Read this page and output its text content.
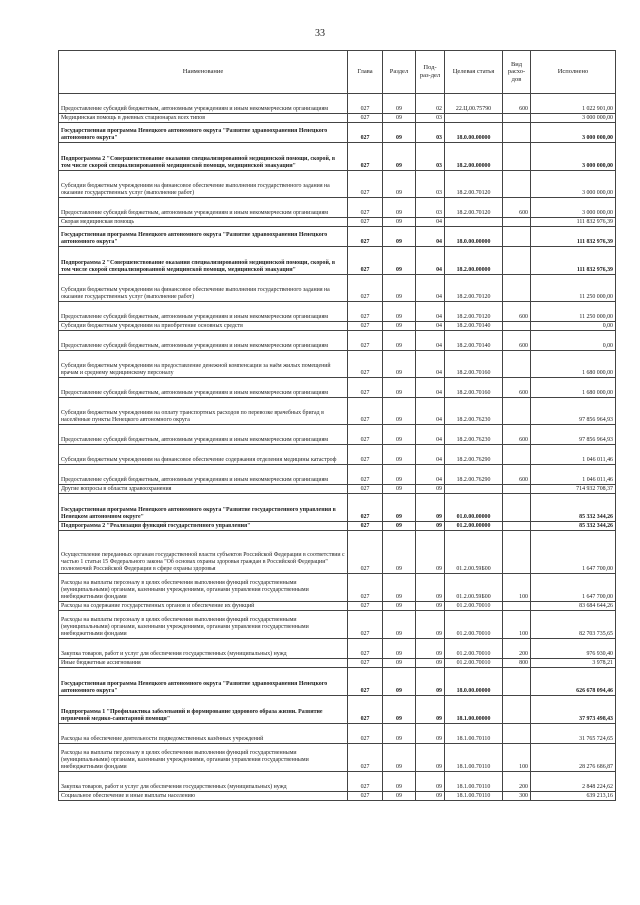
33
Наименование	Глава	Раздел	Под-раз-дел	Целевая статья	Вид расхо-дов	Исполнено
Предоставление субсидий бюджетным, автономным учреждениям и иным некоммерческим организациям	027	09	02	22.Ц.00.75790	600	1 022 901,00
Медицинская помощь в дневных стационарах всех типов	027	09	03			3 000 000,00
Государственная программа Ненецкого автономного округа "Развитие здравоохранения Ненецкого автономного округа"	027	09	03	18.0.00.00000		3 000 000,00
Подпрограмма 2 "Совершенствование оказания специализированной медицинской помощи, скорой, в том числе скорой специализированной медицинской помощи, медицинской эвакуации"	027	09	03	18.2.00.00000		3 000 000,00
Субсидии бюджетным учреждениям на финансовое обеспечение выполнения государственного задания на оказание государственных услуг (выполнение работ)	027	09	03	18.2.00.70120		3 000 000,00
Предоставление субсидий бюджетным, автономным учреждениям и иным некоммерческим организациям	027	09	03	18.2.00.70120	600	3 000 000,00
Скорая медицинская помощь	027	09	04			111 832 976,39
Государственная программа Ненецкого автономного округа "Развитие здравоохранения Ненецкого автономного округа"	027	09	04	18.0.00.00000		111 832 976,39
Подпрограмма 2 "Совершенствование оказания специализированной медицинской помощи, скорой, в том числе скорой специализированной медицинской помощи, медицинской эвакуации"	027	09	04	18.2.00.00000		111 832 976,39
Субсидии бюджетным учреждениям на финансовое обеспечение выполнения государственного задания на оказание государственных услуг (выполнение работ)	027	09	04	18.2.00.70120		11 250 000,00
Предоставление субсидий бюджетным, автономным учреждениям и иным некоммерческим организациям	027	09	04	18.2.00.70120	600	11 250 000,00
Субсидии бюджетным учреждениям на приобретение основных средств	027	09	04	18.2.00.70140		0,00
Предоставление субсидий бюджетным, автономным учреждениям и иным некоммерческим организациям	027	09	04	18.2.00.70140	600	0,00
Субсидии бюджетным учреждениям на предоставление денежной компенсации за наём жилых помещений врачам и среднему медицинскому персоналу	027	09	04	18.2.00.70160		1 680 000,00
Предоставление субсидий бюджетным, автономным учреждениям и иным некоммерческим организациям	027	09	04	18.2.00.70160	600	1 680 000,00
Субсидии бюджетным учреждениям на оплату транспортных расходов по перевозке врачебных бригад в населённые пункты Ненецкого автономного округа	027	09	04	18.2.00.76230		97 856 964,93
Предоставление субсидий бюджетным, автономным учреждениям и иным некоммерческим организациям	027	09	04	18.2.00.76230	600	97 856 964,93
Субсидии бюджетным учреждениям на финансовое обеспечение содержания отделения медицины катастроф	027	09	04	18.2.00.76290		1 046 011,46
Предоставление субсидий бюджетным, автономным учреждениям и иным некоммерческим организациям	027	09	04	18.2.00.76290	600	1 046 011,46
Другие вопросы в области здравоохранения	027	09	09			714 932 708,37
Государственная программа Ненецкого автономного округа "Развитие государственного управления в Ненецком автономном округе"	027	09	09	01.0.00.00000		85 332 344,26
Подпрограмма 2 "Реализация функций государственного управления"	027	09	09	01.2.00.00000		85 332 344,26
Осуществление переданных органам государственной власти субъектов Российской Федерации в соответствии с частью 1 статьи 15 Федерального закона "Об основах охраны здоровья граждан в Российской Федерации" полномочий Российской Федерации в сфере охраны здоровья	027	09	09	01.2.00.59Б00		1 647 700,00
Расходы на выплаты персоналу в целях обеспечения выполнения функций государственными (муниципальными) органами, казенными учреждениями, органами управления государственными внебюджетными фондами	027	09	09	01.2.00.59Б00	100	1 647 700,00
Расходы на содержание государственных органов и обеспечение их функций	027	09	09	01.2.00.70010		83 684 644,26
Расходы на выплаты персоналу в целях обеспечения выполнения функций государственными (муниципальными) органами, казенными учреждениями, органами управления государственными внебюджетными фондами	027	09	09	01.2.00.70010	100	82 703 735,65
Закупка товаров, работ и услуг для обеспечения государственных (муниципальных) нужд	027	09	09	01.2.00.70010	200	976 930,40
Иные бюджетные ассигнования	027	09	09	01.2.00.70010	800	3 978,21
Государственная программа Ненецкого автономного округа "Развитие здравоохранения Ненецкого автономного округа"	027	09	09	18.0.00.00000		626 678 094,46
Подпрограмма 1 "Профилактика заболеваний и формирование здорового образа жизни. Развитие первичной медико-санитарной помощи"	027	09	09	18.1.00.00000		37 973 498,43
Расходы на обеспечение деятельности подведомственных казённых учреждений	027	09	09	18.1.00.70110		31 765 724,65
Расходы на выплаты персоналу в целях обеспечения выполнения функций государственными (муниципальными) органами, казенными учреждениями, органами управления государственными внебюджетными фондами	027	09	09	18.1.00.70110	100	28 276 686,87
Закупка товаров, работ и услуг для обеспечения государственных (муниципальных) нужд	027	09	09	18.1.00.70110	200	2 848 224,62
Социальное обеспечение и иные выплаты населению	027	09	09	18.1.00.70110	300	639 213,16
